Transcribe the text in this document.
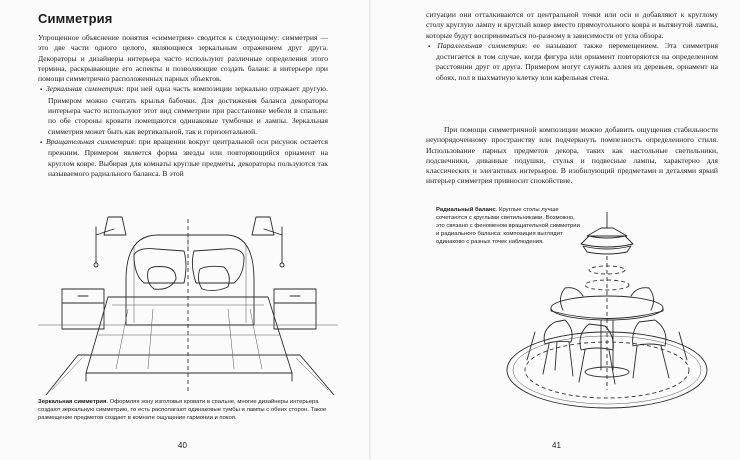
Симметрия

Упрощенное объяснение понятия «симметрия» сводится к следующему: симметрия — это две части одного целого, являющиеся зеркальным отражением друг друга. Декораторы и дизайнеры интерьера часто используют различные определения этого термина, раскрывающие его аспекты и позволяющие создать баланс в интерьере при помощи симметрично расположенных парных объектов.

▪ Зеркальная симметрия: при ней одна часть композиции зеркально отражает другую. Примером можно считать крылья бабочки. Для достижения баланса декораторы интерьера часто используют этот вид симметрии при расстановке мебели в спальне: по обе стороны кровати помещаются одинаковые тумбочки и лампы. Зеркальная симметрия может быть как вертикальной, так и горизонтальной.

▪ Вращательная симметрия: при вращении вокруг центральной оси рисунок остается прежним. Примером является форма звезды или повторяющийся орнамент на круглом ковре. Выбирая для комнаты круглые предметы, декораторы пользуются так называемого радиального баланса. В этой

Зеркальная симметрия. Оформляя зону изголовья кровати в спальне, многие дизайнеры интерьера создают зеркальную симметрию, то есть располагают одинаковые тумбы и лампы с обеих сторон. Такое размещение предметов создает в комнате ощущение гармонии и покоя.

40

ситуации они отталкиваются от центральной точки или оси и добавляют к круглому столу круглую лампу и круглый ковер вместо прямоугольного ковра и вытянутой лампы, которые будут восприниматься по-разному в зависимости от угла обзора.

▪ Параллельная симметрия: ее называют также перемещением. Эта симметрия достигается в том случае, когда фигура или орнамент повторяются на определенном расстоянии друг от друга. Примером могут служить аллея из деревьев, орнамент на обоях, пол в шахматную клетку или кафельная стена.

При помощи симметричной композиции можно добавить ощущения стабильности неупорядоченному пространству или подчеркнуть помпезность определенного стиля. Использование парных предметов декора, таких как настольные светильники, подсвечники, диванные подушки, стулья и подвесные лампы, характерно для классических и элегантных интерьеров. В изобилующий предметами и деталями яркий интерьер симметрия привносит спокойствие.

Радиальный баланс. Круглые столы лучше сочетаются с круглыми светильниками. Возможно, это связано с феноменом вращательной симметрии и радиального баланса: композиция выглядит одинаково с разных точек наблюдения.

41
